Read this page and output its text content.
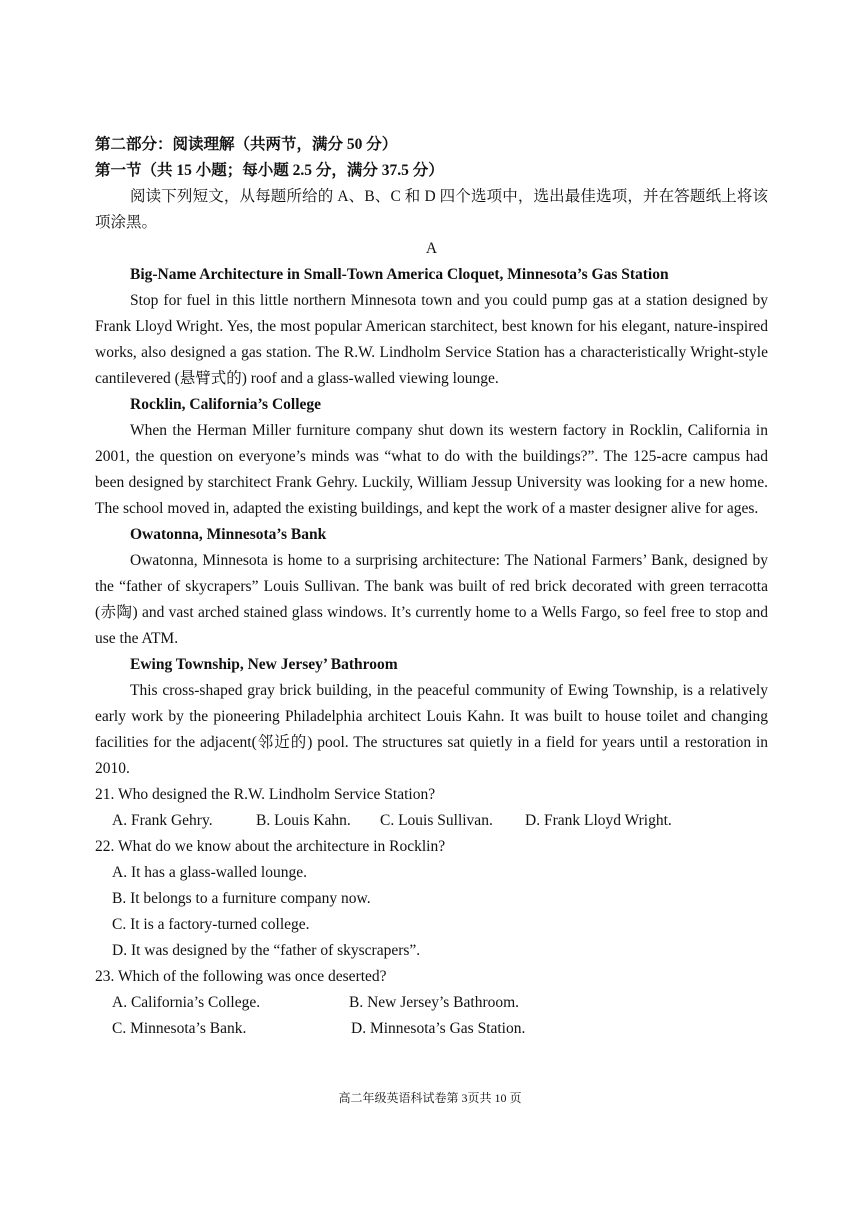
第二部分：阅读理解（共两节，满分 50 分）
第一节（共 15 小题；每小题 2.5 分，满分 37.5 分）
阅读下列短文，从每题所给的 A、B、C 和 D 四个选项中，选出最佳选项，并在答题纸上将该项涂黑。
A
Big-Name Architecture in Small-Town America Cloquet, Minnesota’s Gas Station
Stop for fuel in this little northern Minnesota town and you could pump gas at a station designed by Frank Lloyd Wright. Yes, the most popular American starchitect, best known for his elegant, nature-inspired works, also designed a gas station. The R.W. Lindholm Service Station has a characteristically Wright-style cantilevered (悬臂式的) roof and a glass-walled viewing lounge.
Rocklin, California’s College
When the Herman Miller furniture company shut down its western factory in Rocklin, California in 2001, the question on everyone’s minds was “what to do with the buildings?”. The 125-acre campus had been designed by starchitect Frank Gehry. Luckily, William Jessup University was looking for a new home. The school moved in, adapted the existing buildings, and kept the work of a master designer alive for ages.
Owatonna, Minnesota’s Bank
Owatonna, Minnesota is home to a surprising architecture: The National Farmers’ Bank, designed by the “father of skycrapers” Louis Sullivan. The bank was built of red brick decorated with green terracotta (赤陶) and vast arched stained glass windows. It’s currently home to a Wells Fargo, so feel free to stop and use the ATM.
Ewing Township, New Jersey’ Bathroom
This cross-shaped gray brick building, in the peaceful community of Ewing Township, is a relatively early work by the pioneering Philadelphia architect Louis Kahn. It was built to house toilet and changing facilities for the adjacent(邻近的) pool. The structures sat quietly in a field for years until a restoration in 2010.
21. Who designed the R.W. Lindholm Service Station?
A. Frank Gehry.	B. Louis Kahn.	C. Louis Sullivan.	D. Frank Lloyd Wright.
22. What do we know about the architecture in Rocklin?
A. It has a glass-walled lounge.
B. It belongs to a furniture company now.
C. It is a factory-turned college.
D. It was designed by the “father of skyscrapers”.
23. Which of the following was once deserted?
A. California’s College.	B. New Jersey’s Bathroom.
C. Minnesota’s Bank.	D. Minnesota’s Gas Station.
高二年级英语科试卷第 3页共 10 页
